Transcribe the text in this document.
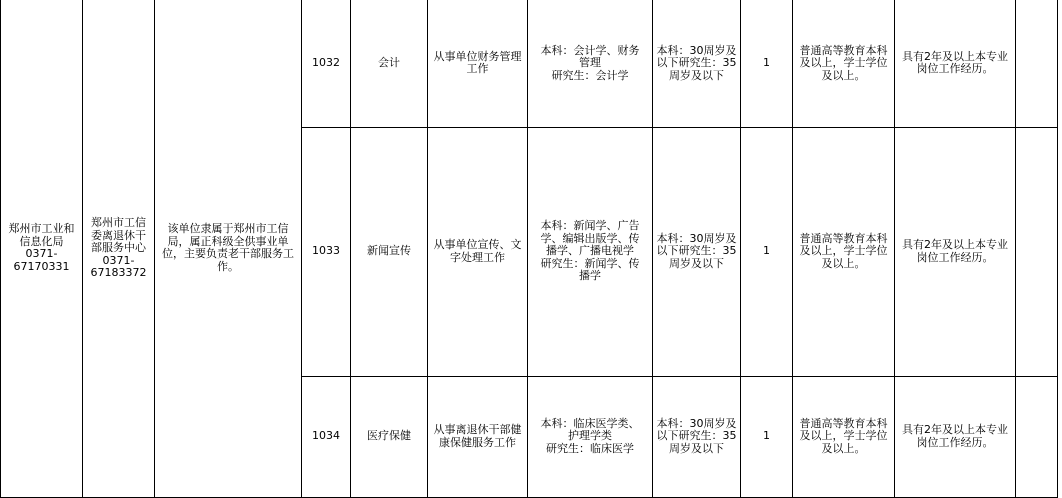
郑州市工业和
信息化局
0371-
67170331	郑州市工信
委离退休干
部服务中心
0371-
67183372	该单位隶属于郑州市工信局，属正科级全供事业单位，主要负责老干部服务工作。	1032	会计	从事单位财务管理工作	本科：会计学、财务
管理
研究生：会计学	本科：30周岁及以下研究生：35周岁及以下	1	普通高等教育本科及以上，学士学位及以上。	具有2年及以上本专业岗位工作经历。	
			1033	新闻宣传	从事单位宣传、文字处理工作	本科：新闻学、广告
学、编辑出版学、传
播学、广播电视学
研究生：新闻学、传
播学	本科：30周岁及以下研究生：35周岁及以下	1	普通高等教育本科及以上，学士学位及以上。	具有2年及以上本专业岗位工作经历。	
			1034	医疗保健	从事离退休干部健康保健服务工作	本科：临床医学类、
护理学类
研究生：临床医学	本科：30周岁及以下研究生：35周岁及以下	1	普通高等教育本科及以上，学士学位及以上。	具有2年及以上本专业岗位工作经历。	
